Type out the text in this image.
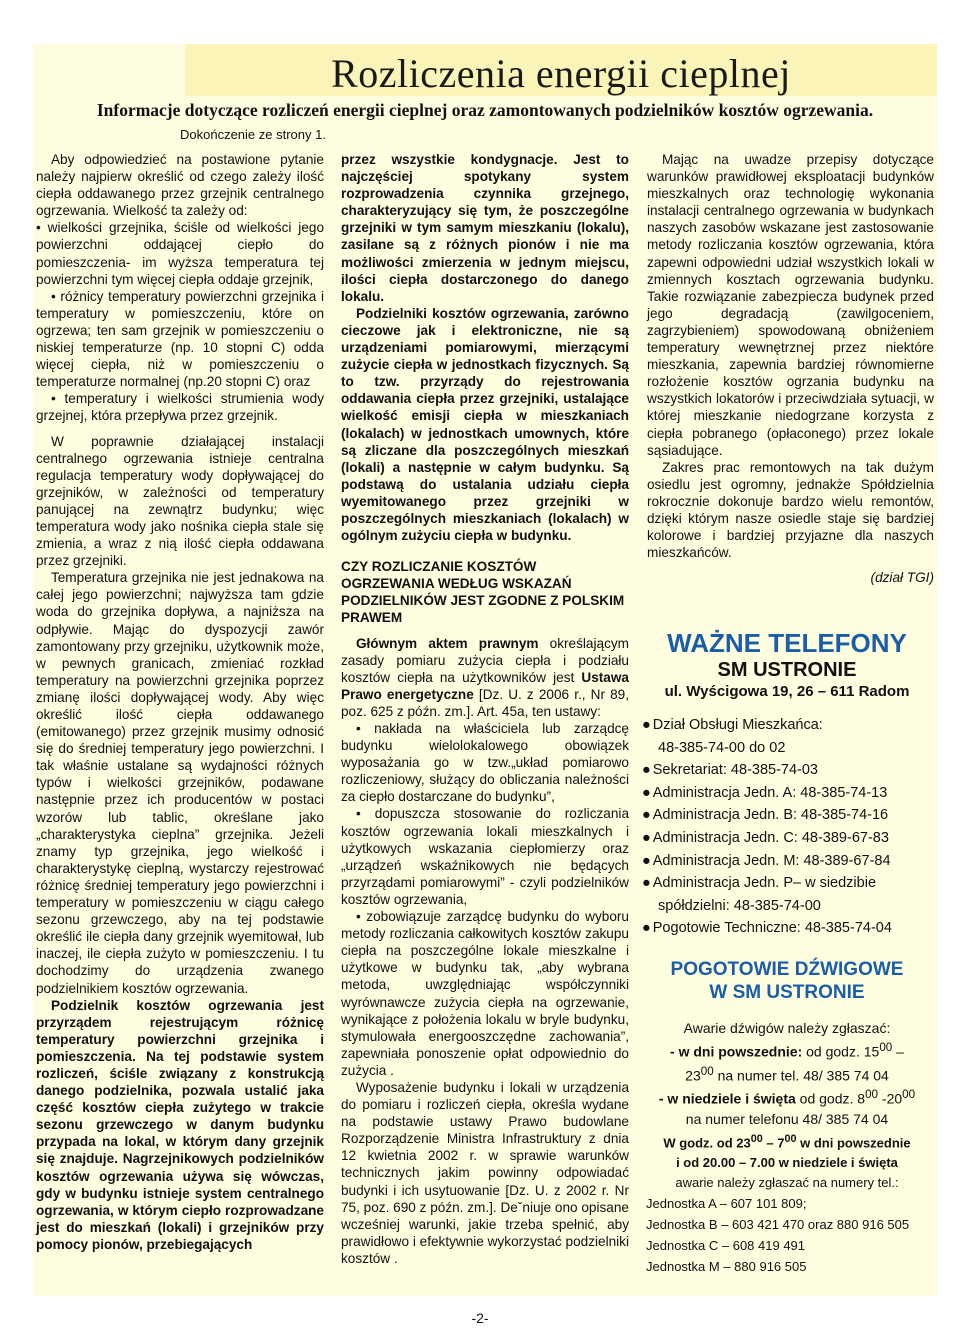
Rozliczenia energii cieplnej

Informacje dotyczące rozliczeń energii cieplnej oraz zamontowanych podzielników kosztów ogrzewania.

Dokończenie ze strony 1.

Aby odpowiedzieć na postawione pytanie należy najpierw określić od czego zależy ilość ciepła oddawanego przez grzejnik centralnego ogrzewania. Wielkość ta zależy od:

• wielkości grzejnika, ściśle od wielkości jego powierzchni oddającej ciepło do pomieszczenia- im wyższa temperatura tej powierzchni tym więcej ciepła oddaje grzejnik,

• różnicy temperatury powierzchni grzejnika i temperatury w pomieszczeniu, które on ogrzewa; ten sam grzejnik w pomieszczeniu o niskiej temperaturze (np. 10 stopni C) odda więcej ciepła, niż w pomieszczeniu o temperaturze normalnej (np.20 stopni C) oraz

• temperatury i wielkości strumienia wody grzejnej, która przepływa przez grzejnik.

W poprawnie działającej instalacji centralnego ogrzewania istnieje centralna regulacja temperatury wody dopływającej do grzejników, w zależności od temperatury panującej na zewnątrz budynku; więc temperatura wody jako nośnika ciepła stale się zmienia, a wraz z nią ilość ciepła oddawana przez grzejniki.

Temperatura grzejnika nie jest jednakowa na całej jego powierzchni; najwyższa tam gdzie woda do grzejnika dopływa, a najniższa na odpływie. Mając do dyspozycji zawór zamontowany przy grzejniku, użytkownik może, w pewnych granicach, zmieniać rozkład temperatury na powierzchni grzejnika poprzez zmianę ilości dopływającej wody. Aby więc określić ilość ciepła oddawanego (emitowanego) przez grzejnik musimy odnosić się do średniej temperatury jego powierzchni. I tak właśnie ustalane są wydajności różnych typów i wielkości grzejników, podawane następnie przez ich producentów w postaci wzorów lub tablic, określane jako „charakterystyka cieplna” grzejnika. Jeżeli znamy typ grzejnika, jego wielkość i charakterystykę cieplną, wystarczy rejestrować różnicę średniej temperatury jego powierzchni i temperatury w pomieszczeniu w ciągu całego sezonu grzewczego, aby na tej podstawie określić ile ciepła dany grzejnik wyemitował, lub inaczej, ile ciepła zużyto w pomieszczeniu. I tu dochodzimy do urządzenia zwanego podzielnikiem kosztów ogrzewania.

Podzielnik kosztów ogrzewania jest przyrządem rejestrującym różnicę temperatury powierzchni grzejnika i pomieszczenia. Na tej podstawie system rozliczeń, ściśle związany z konstrukcją danego podzielnika, pozwala ustalić jaka część kosztów ciepła zużytego w trakcie sezonu grzewczego w danym budynku przypada na lokal, w którym dany grzejnik się znajduje. Nagrzejnikowych podzielników kosztów ogrzewania używa się wówczas, gdy w budynku istnieje system centralnego ogrzewania, w którym ciepło rozprowadzane jest do mieszkań (lokali) i grzejników przy pomocy pionów, przebiegających

przez wszystkie kondygnacje. Jest to najczęściej spotykany system rozprowadzenia czynnika grzejnego, charakteryzujący się tym, że poszczególne grzejniki w tym samym mieszkaniu (lokalu), zasilane są z różnych pionów i nie ma możliwości zmierzenia w jednym miejscu, ilości ciepła dostarczonego do danego lokalu.

Podzielniki kosztów ogrzewania, zarówno cieczowe jak i elektroniczne, nie są urządzeniami pomiarowymi, mierzącymi zużycie ciepła w jednostkach fizycznych. Są to tzw. przyrządy do rejestrowania oddawania ciepła przez grzejniki, ustalające wielkość emisji ciepła w mieszkaniach (lokalach) w jednostkach umownych, które są zliczane dla poszczególnych mieszkań (lokali) a następnie w całym budynku. Są podstawą do ustalania udziału ciepła wyemitowanego przez grzejniki w poszczególnych mieszkaniach (lokalach) w ogólnym zużyciu ciepła w budynku.

CZY ROZLICZANIE KOSZTÓW OGRZEWANIA WEDŁUG WSKAZAŃ PODZIELNIKÓW JEST ZGODNE Z POLSKIM PRAWEM

Głównym aktem prawnym określającym zasady pomiaru zużycia ciepła i podziału kosztów ciepła na użytkowników jest Ustawa Prawo energetyczne [Dz. U. z 2006 r., Nr 89, poz. 625 z późn. zm.]. Art. 45a, ten ustawy:

• nakłada na właściciela lub zarządcę budynku wielolokalowego obowiązek wyposażania go w tzw.„układ pomiarowo rozliczeniowy, służący do obliczania należności za ciepło dostarczane do budynku”,

• dopuszcza stosowanie do rozliczania kosztów ogrzewania lokali mieszkalnych i użytkowych wskazania ciepłomierzy oraz „urządzeń wskaźnikowych nie będących przyrządami pomiarowymi” - czyli podzielników kosztów ogrzewania,

• zobowiązuje zarządcę budynku do wyboru metody rozliczania całkowitych kosztów zakupu ciepła na poszczególne lokale mieszkalne i użytkowe w budynku tak, „aby wybrana metoda, uwzględniając współczynniki wyrównawcze zużycia ciepła na ogrzewanie, wynikające z położenia lokalu w bryle budynku, stymulowała energooszczędne zachowania”, zapewniała ponoszenie opłat odpowiednio do zużycia .

Wyposażenie budynku i lokali w urządzenia do pomiaru i rozliczeń ciepła, określa wydane na podstawie ustawy Prawo budowlane Rozporządzenie Ministra Infrastruktury z dnia 12 kwietnia 2002 r. w sprawie warunków technicznych jakim powinny odpowiadać budynki i ich usytuowanie [Dz. U. z 2002 r. Nr 75, poz. 690 z późn. zm.]. Deˇniuje ono opisane wcześniej warunki, jakie trzeba spełnić, aby prawidłowo i efektywnie wykorzystać podzielniki kosztów .

Mając na uwadze przepisy dotyczące warunków prawidłowej eksploatacji budynków mieszkalnych oraz technologię wykonania instalacji centralnego ogrzewania w budynkach naszych zasobów wskazane jest zastosowanie metody rozliczania kosztów ogrzewania, która zapewni odpowiedni udział wszystkich lokali w zmiennych kosztach ogrzewania budynku. Takie rozwiązanie zabezpiecza budynek przed jego degradacją (zawilgoceniem, zagrzybieniem) spowodowaną obniżeniem temperatury wewnętrznej przez niektóre mieszkania, zapewnia bardziej równomierne rozłożenie kosztów ogrzania budynku na wszystkich lokatorów i przeciwdziała sytuacji, w której mieszkanie niedogrzane korzysta z ciepła pobranego (opłaconego) przez lokale sąsiadujące.

Zakres prac remontowych na tak dużym osiedlu jest ogromny, jednakże Spółdzielnia rokrocznie dokonuje bardzo wielu remontów, dzięki którym nasze osiedle staje się bardziej kolorowe i bardziej przyjazne dla naszych mieszkańców.

(dział TGI)

WAŻNE TELEFONY

SM USTRONIE

ul. Wyścigowa 19, 26 – 611 Radom

● Dział Obsługi Mieszkańca:
48-385-74-00 do 02
● Sekretariat: 48-385-74-03
● Administracja Jedn. A: 48-385-74-13
● Administracja Jedn. B: 48-385-74-16
● Administracja Jedn. C: 48-389-67-83
● Administracja Jedn. M: 48-389-67-84
● Administracja Jedn. P– w siedzibie
spółdzielni: 48-385-74-00
● Pogotowie Techniczne: 48-385-74-04

POGOTOWIE DŹWIGOWE
W SM USTRONIE

Awarie dźwigów należy zgłaszać:

- w dni powszednie: od godz. $15^{00}$ –

$23^{00}$ na numer tel. 48/ 385 74 04

- w niedziele i święta od godz. $8^{00}$ $-20^{00}$

na numer telefonu 48/ 385 74 04

W godz. od $23^{00} - 7^{00}$ w dni powszednie

i od 20.00 – 7.00 w niedziele i święta

awarie należy zgłaszać na numery tel.:

Jednostka A – 607 101 809;
Jednostka B – 603 421 470 oraz 880 916 505
Jednostka C – 608 419 491
Jednostka M – 880 916 505
-2-
